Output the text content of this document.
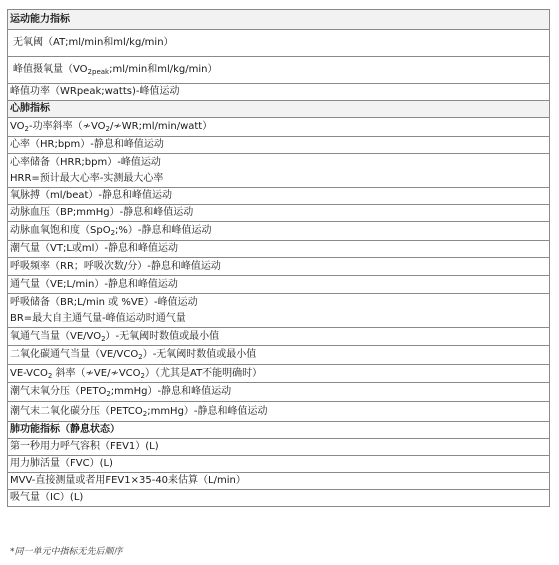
运动能力指标
无氧阈（AT;ml/min和ml/kg/min）
峰值摄氧量（$VO_{2peak};ml/\min$和ml/kg/min）
峰值功率（WRpeak;watts)-峰值运动
心肺指标
$VO_2-$功率斜率$(≁VO_2/≁WR;ml/\min/watt)$
心率（HR;bpm）-静息和峰值运动

心率储备（HRR;bpm）-峰值运动
HRR=预计最大心率-实测最大心率

氧脉搏（ml/beat）-静息和峰值运动
动脉血压（BP;mmHg）-静息和峰值运动
动脉血氧饱和度（SpO$_2$;%）-静息和峰值运动
潮气量（VT;L或ml）-静息和峰值运动
呼吸频率（RR；呼吸次数/分）-静息和峰值运动
通气量（VE;L/min）-静息和峰值运动

呼吸储备（BR;L/min 或 %VE）-峰值运动
BR=最大自主通气量-峰值运动时通气量

氧通气当量$(VE/VO_2)-$无氧阈时数值或最小值
二氧化碳通气当量$(VE/VCO_2)-$无氧阈时数值或最小值
$VE-VCO_2$ 斜率$(≁VE/≁VCO_2)$（尤其是AT不能明确时）
潮气末氧分压$(PETO_2;mmHg)-$静息和峰值运动
潮气末二氧化碳分压$(PETCO_2;mmHg)-$静息和峰值运动
肺功能指标（静息状态）
第一秒用力呼气容积（FEV1）(L)
用力肺活量（FVC）(L)
MVV-直接测量或者用FEV1×35-40来估算（L/min）
吸气量（IC）(L)
*同一单元中指标无先后顺序
